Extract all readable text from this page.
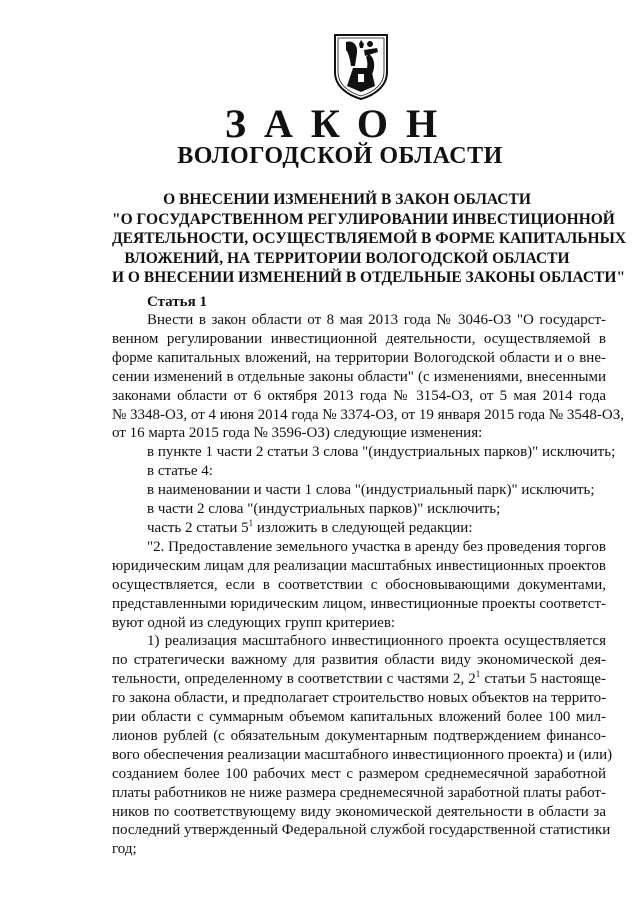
ЗАКОН
ВОЛОГОДСКОЙ ОБЛАСТИ
О ВНЕСЕНИИ ИЗМЕНЕНИЙ В ЗАКОН ОБЛАСТИ
"О ГОСУДАРСТВЕННОМ РЕГУЛИРОВАНИИ ИНВЕСТИЦИОННОЙ
ДЕЯТЕЛЬНОСТИ, ОСУЩЕСТВЛЯЕМОЙ В ФОРМЕ КАПИТАЛЬНЫХ
ВЛОЖЕНИЙ, НА ТЕРРИТОРИИ ВОЛОГОДСКОЙ ОБЛАСТИ
И О ВНЕСЕНИИ ИЗМЕНЕНИЙ В ОТДЕЛЬНЫЕ ЗАКОНЫ ОБЛАСТИ"
Статья 1
Внести в закон области от 8 мая 2013 года № 3046-ОЗ "О государст-
венном регулировании инвестиционной деятельности, осуществляемой в
форме капитальных вложений, на территории Вологодской области и о вне-
сении изменений в отдельные законы области" (с изменениями, внесенными
законами области от 6 октября 2013 года № 3154-ОЗ, от 5 мая 2014 года
№ 3348-ОЗ, от 4 июня 2014 года № 3374-ОЗ, от 19 января 2015 года № 3548-ОЗ,
от 16 марта 2015 года № 3596-ОЗ) следующие изменения:
в пункте 1 части 2 статьи 3 слова "(индустриальных парков)" исключить;
в статье 4:
в наименовании и части 1 слова "(индустриальный парк)" исключить;
в части 2 слова "(индустриальных парков)" исключить;
часть 2 статьи $5^1$ изложить в следующей редакции:
"2. Предоставление земельного участка в аренду без проведения торгов
юридическим лицам для реализации масштабных инвестиционных проектов
осуществляется, если в соответствии с обосновывающими документами,
представленными юридическим лицом, инвестиционные проекты соответст-
вуют одной из следующих групп критериев:
1) реализация масштабного инвестиционного проекта осуществляется
по стратегически важному для развития области виду экономической дея-
тельности, определенному в соответствии с частями 2, $2^1$ статьи 5 настояще-
го закона области, и предполагает строительство новых объектов на террито-
рии области с суммарным объемом капитальных вложений более 100 мил-
лионов рублей (с обязательным документарным подтверждением финансо-
вого обеспечения реализации масштабного инвестиционного проекта) и (или)
созданием более 100 рабочих мест с размером среднемесячной заработной
платы работников не ниже размера среднемесячной заработной платы работ-
ников по соответствующему виду экономической деятельности в области за
последний утвержденный Федеральной службой государственной статистики
год;
